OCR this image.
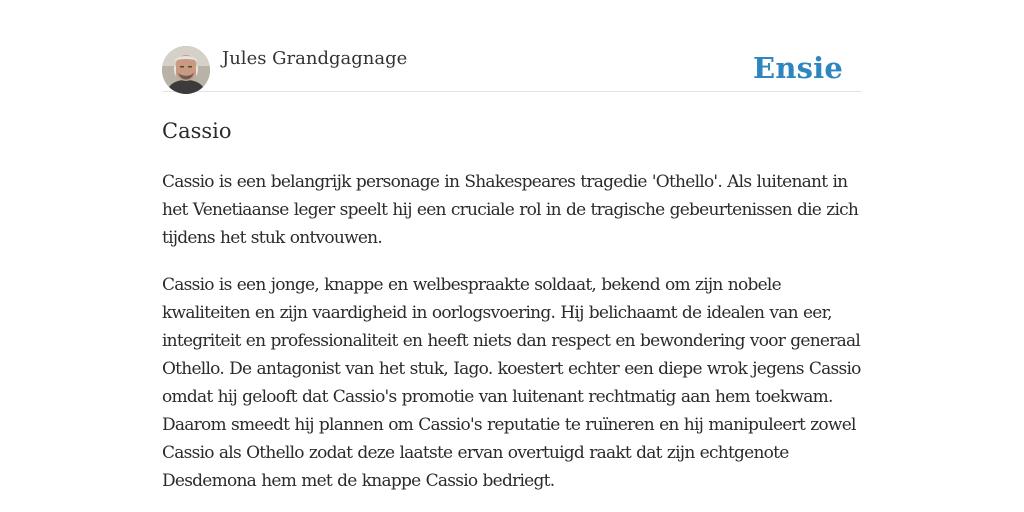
Jules Grandgagnage	Ensie
Cassio

Cassio is een belangrijk personage in Shakespeares tragedie 'Othello'. Als luitenant in het Venetiaanse leger speelt hij een cruciale rol in de tragische gebeurtenissen die zich tijdens het stuk ontvouwen.

Cassio is een jonge, knappe en welbespraakte soldaat, bekend om zijn nobele kwaliteiten en zijn vaardigheid in oorlogsvoering. Hij belichaamt de idealen van eer, integriteit en professionaliteit en heeft niets dan respect en bewondering voor generaal Othello. De antagonist van het stuk, Iago. koestert echter een diepe wrok jegens Cassio omdat hij gelooft dat Cassio's promotie van luitenant rechtmatig aan hem toekwam. Daarom smeedt hij plannen om Cassio's reputatie te ruïneren en hij manipuleert zowel Cassio als Othello zodat deze laatste ervan overtuigd raakt dat zijn echtgenote Desdemona hem met de knappe Cassio bedriegt.
